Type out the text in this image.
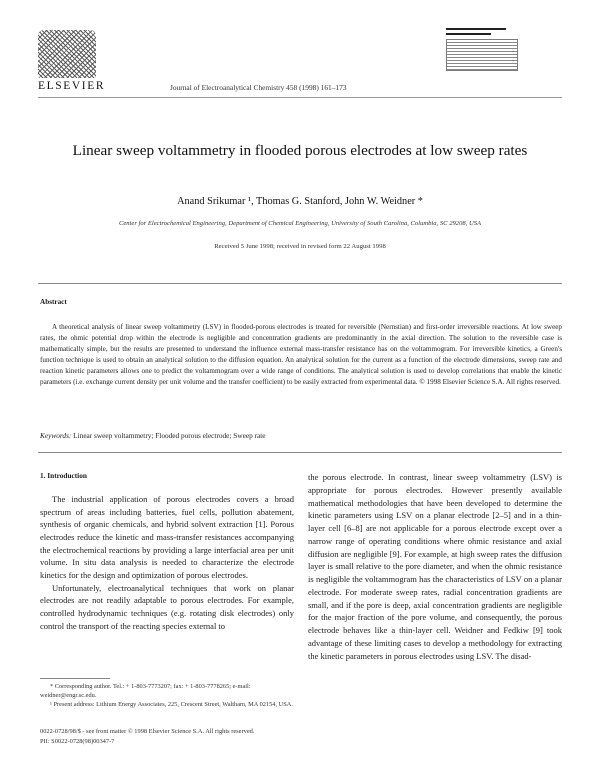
ELSEVIER	Journal of Electroanalytical Chemistry 458 (1998) 161–173
Linear sweep voltammetry in flooded porous electrodes at low sweep rates
Anand Srikumar ¹, Thomas G. Stanford, John W. Weidner *
Center for Electrochemical Engineering, Department of Chemical Engineering, University of South Carolina, Columbia, SC 29208, USA
Received 5 June 1998; received in revised form 22 August 1998
Abstract

A theoretical analysis of linear sweep voltammetry (LSV) in flooded-porous electrodes is treated for reversible (Nernstian) and first-order irreversible reactions. At low sweep rates, the ohmic potential drop within the electrode is negligible and concentration gradients are predominantly in the axial direction. The solution to the reversible case is mathematically simple, but the results are presented to understand the influence external mass-transfer resistance has on the voltammogram. For irreversible kinetics, a Green's function technique is used to obtain an analytical solution to the diffusion equation. An analytical solution for the current as a function of the electrode dimensions, sweep rate and reaction kinetic parameters allows one to predict the voltammogram over a wide range of conditions. The analytical solution is used to develop correlations that enable the kinetic parameters (i.e. exchange current density per unit volume and the transfer coefficient) to be easily extracted from experimental data. © 1998 Elsevier Science S.A. All rights reserved.

Keywords: Linear sweep voltammetry; Flooded porous electrode; Sweep rate
1. Introduction

The industrial application of porous electrodes covers a broad spectrum of areas including batteries, fuel cells, pollution abatement, synthesis of organic chemicals, and hybrid solvent extraction [1]. Porous electrodes reduce the kinetic and mass-transfer resistances accompanying the electrochemical reactions by providing a large interfacial area per unit volume. In situ data analysis is needed to characterize the electrode kinetics for the design and optimization of porous electrodes.

Unfortunately, electroanalytical techniques that work on planar electrodes are not readily adaptable to porous electrodes. For example, controlled hydrodynamic techniques (e.g. rotating disk electrodes) only control the transport of the reacting species external to

the porous electrode. In contrast, linear sweep voltammetry (LSV) is appropriate for porous electrodes. However presently available mathematical methodologies that have been developed to determine the kinetic parameters using LSV on a planar electrode [2–5] and in a thin-layer cell [6–8] are not applicable for a porous electrode except over a narrow range of operating conditions where ohmic resistance and axial diffusion are negligible [9]. For example, at high sweep rates the diffusion layer is small relative to the pore diameter, and when the ohmic resistance is negligible the voltammogram has the characteristics of LSV on a planar electrode. For moderate sweep rates, radial concentration gradients are small, and if the pore is deep, axial concentration gradients are negligible for the major fraction of the pore volume, and consequently, the porous electrode behaves like a thin-layer cell. Weidner and Fedkiw [9] took advantage of these limiting cases to develop a methodology for extracting the kinetic parameters in porous electrodes using LSV. The disad-

* Corresponding author. Tel.: + 1-803-7773207; fax: + 1-803-7778265; e-mail: weidner@engr.sc.edu.
¹ Present address: Lithium Energy Associates, 225, Crescent Street, Waltham, MA 02154, USA.
0022-0728/98/$ - see front matter © 1998 Elsevier Science S.A. All rights reserved.
PII: S0022-0728(98)00347-7
